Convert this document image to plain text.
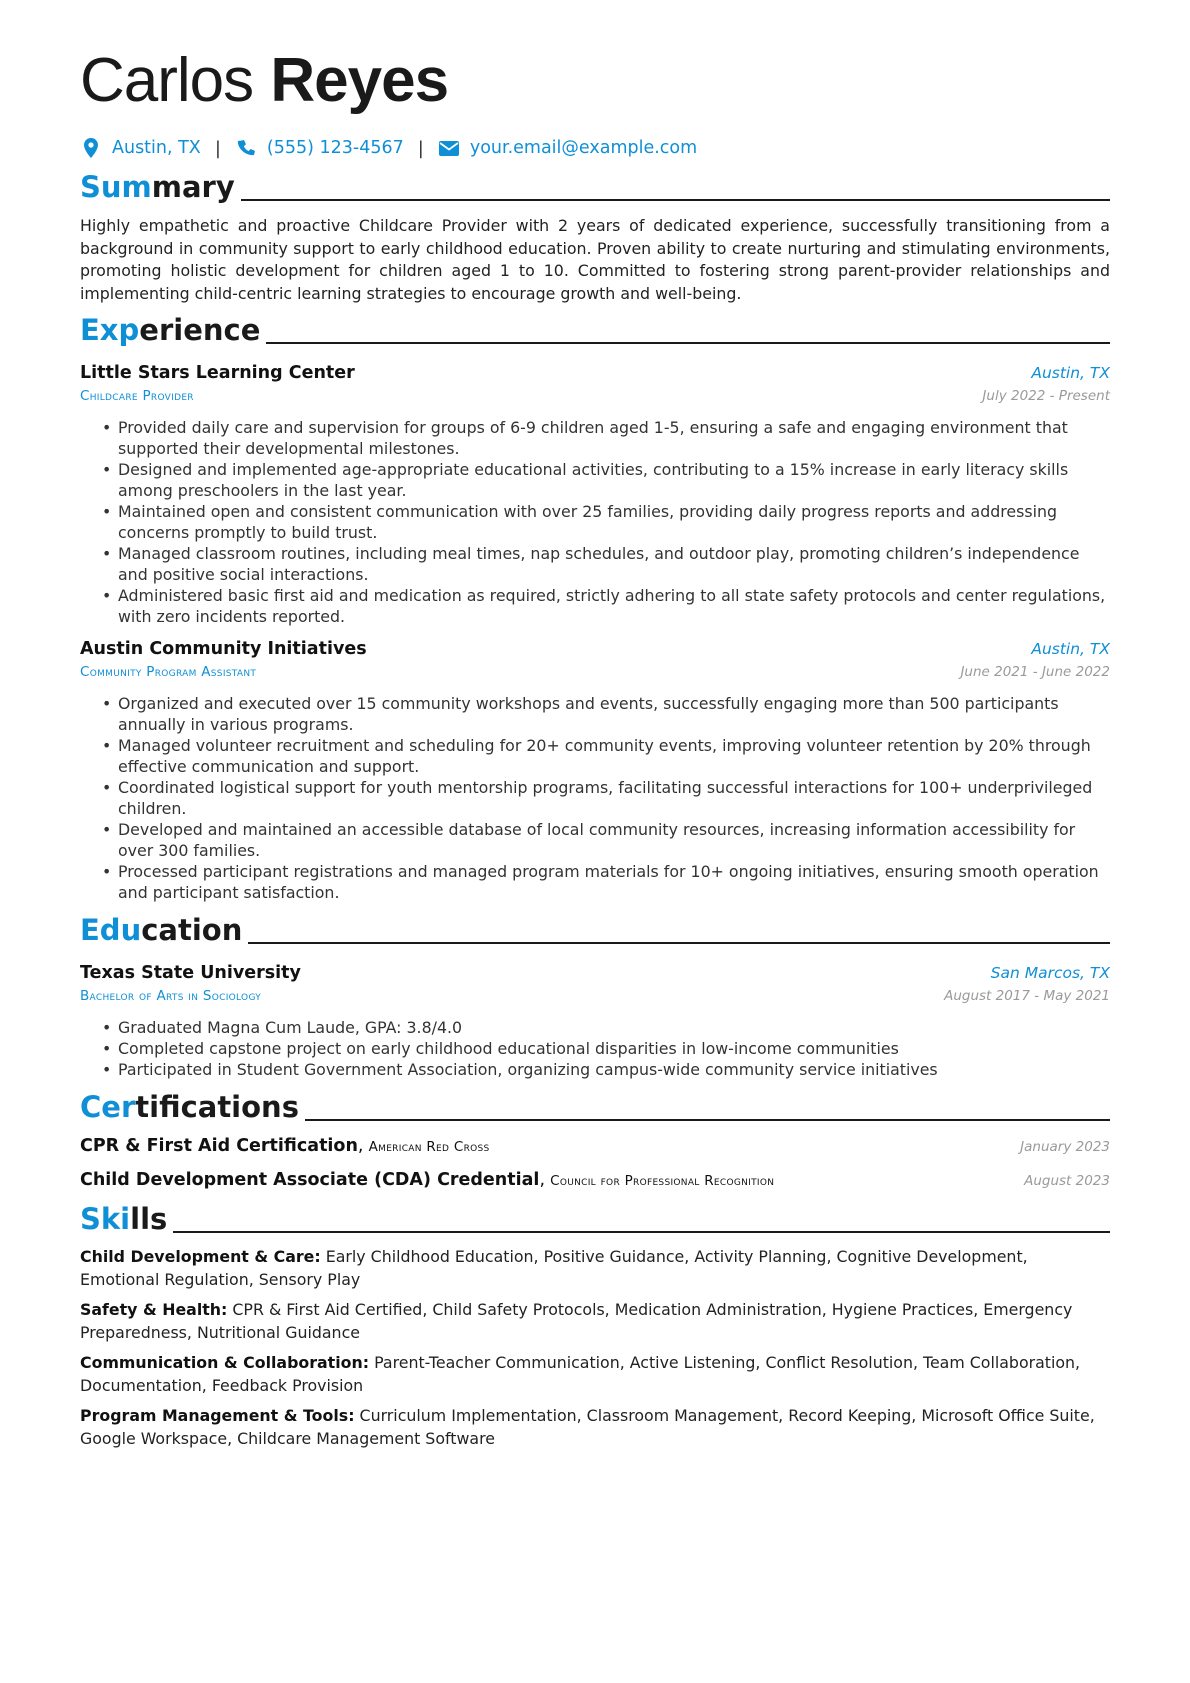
Carlos Reyes
Austin, TX |	(555) 123-4567 |	your.email@example.com
Summary

Highly empathetic and proactive Childcare Provider with 2 years of dedicated experience, successfully transitioning from a background in community support to early childhood education. Proven ability to create nurturing and stimulating environments, promoting holistic development for children aged 1 to 10. Committed to fostering strong parent-provider relationships and implementing child-centric learning strategies to encourage growth and well-being.

Experience
Little Stars Learning Center	Austin, TX
Childcare Provider	July 2022 - Present
• Provided daily care and supervision for groups of 6-9 children aged 1-5, ensuring a safe and engaging environment that supported their developmental milestones.
• Designed and implemented age-appropriate educational activities, contributing to a 15% increase in early literacy skills among preschoolers in the last year.
• Maintained open and consistent communication with over 25 families, providing daily progress reports and addressing concerns promptly to build trust.
• Managed classroom routines, including meal times, nap schedules, and outdoor play, promoting children’s independence and positive social interactions.
• Administered basic first aid and medication as required, strictly adhering to all state safety protocols and center regulations, with zero incidents reported.
Austin Community Initiatives	Austin, TX
Community Program Assistant	June 2021 - June 2022
• Organized and executed over 15 community workshops and events, successfully engaging more than 500 participants annually in various programs.
• Managed volunteer recruitment and scheduling for 20+ community events, improving volunteer retention by 20% through effective communication and support.
• Coordinated logistical support for youth mentorship programs, facilitating successful interactions for 100+ underprivileged children.
• Developed and maintained an accessible database of local community resources, increasing information accessibility for over 300 families.
• Processed participant registrations and managed program materials for 10+ ongoing initiatives, ensuring smooth operation and participant satisfaction.
Education
Texas State University	San Marcos, TX
Bachelor of Arts in Sociology	August 2017 - May 2021
• Graduated Magna Cum Laude, GPA: 3.8/4.0
• Completed capstone project on early childhood educational disparities in low-income communities
• Participated in Student Government Association, organizing campus-wide community service initiatives
Certifications
CPR & First Aid Certification, American Red Cross	January 2023
Child Development Associate (CDA) Credential, Council for Professional Recognition	August 2023
Skills
Child Development & Care: Early Childhood Education, Positive Guidance, Activity Planning, Cognitive Development, Emotional Regulation, Sensory Play
Safety & Health: CPR & First Aid Certified, Child Safety Protocols, Medication Administration, Hygiene Practices, Emergency Preparedness, Nutritional Guidance
Communication & Collaboration: Parent-Teacher Communication, Active Listening, Conflict Resolution, Team Collaboration, Documentation, Feedback Provision
Program Management & Tools: Curriculum Implementation, Classroom Management, Record Keeping, Microsoft Office Suite, Google Workspace, Childcare Management Software
